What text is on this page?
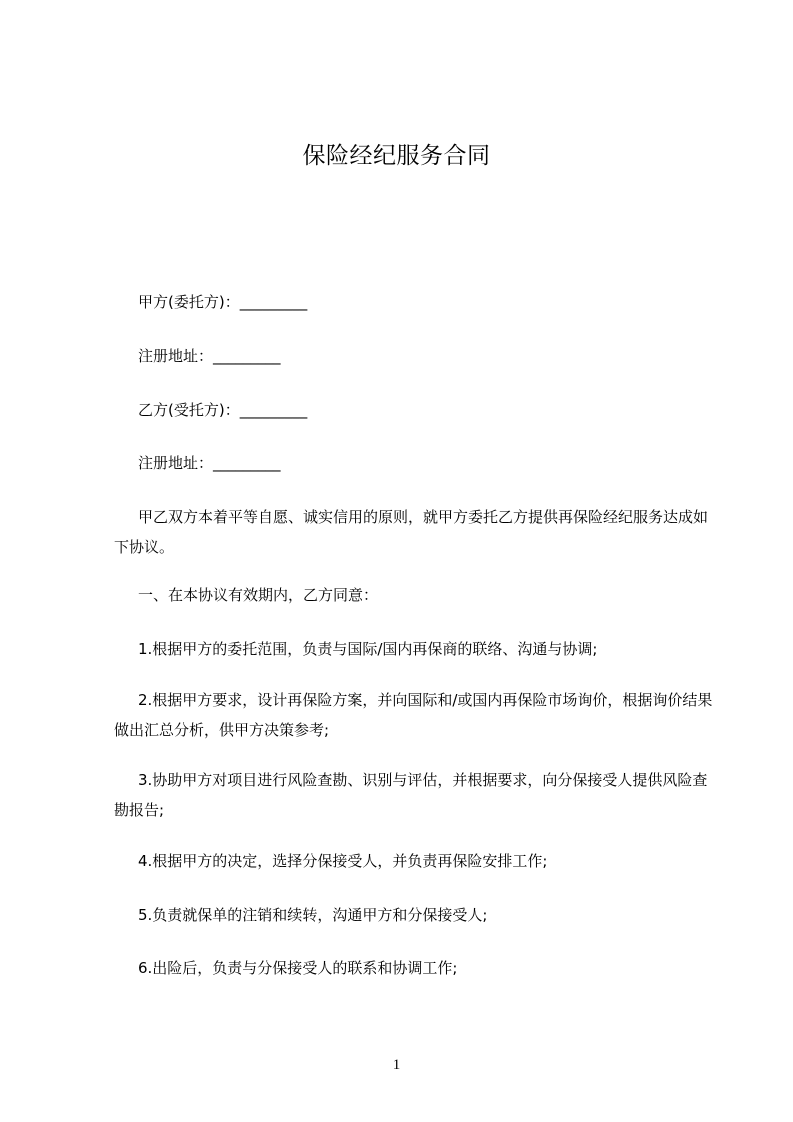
保险经纪服务合同
甲方(委托方)：_________
注册地址：_________
乙方(受托方)：_________
注册地址：_________
甲乙双方本着平等自愿、诚实信用的原则，就甲方委托乙方提供再保险经纪服务达成如下协议。
一、在本协议有效期内，乙方同意：
1.根据甲方的委托范围，负责与国际/国内再保商的联络、沟通与协调;
2.根据甲方要求，设计再保险方案，并向国际和/或国内再保险市场询价，根据询价结果做出汇总分析，供甲方决策参考;
3.协助甲方对项目进行风险查勘、识别与评估，并根据要求，向分保接受人提供风险查勘报告;
4.根据甲方的决定，选择分保接受人，并负责再保险安排工作;
5.负责就保单的注销和续转，沟通甲方和分保接受人;
6.出险后，负责与分保接受人的联系和协调工作;
1
